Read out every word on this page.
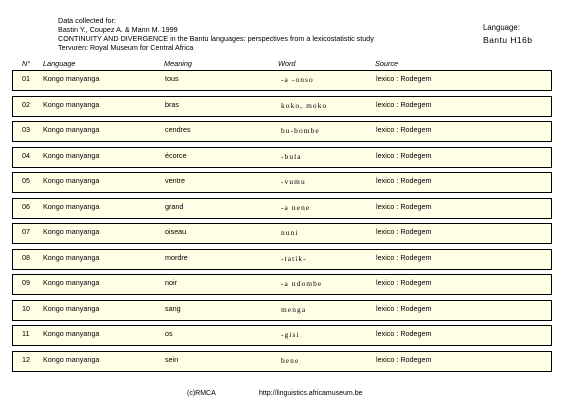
Data collected for:
Bastin Y., Coupez A. & Mann M. 1999
CONTINUITY AND DIVERGENCE in the Bantu languages: perspectives from a lexicostatistic study
Tervuren: Royal Museum for Central Africa
Language:
Bantu H16b
N° Language	Meaning	Word	Source
01 Kongo manyanga	tous	-a -onso	lexico : Rodegem
02 Kongo manyanga	bras	koko, moko	lexico : Rodegem
03 Kongo manyanga	cendres	bu-bombe	lexico : Rodegem
04 Kongo manyanga	écorce	-bula	lexico : Rodegem
05 Kongo manyanga	ventre	-vumu	lexico : Rodegem
06 Kongo manyanga	grand	-a nene	lexico : Rodegem
07 Kongo manyanga	oiseau	nuni	lexico : Rodegem
08 Kongo manyanga	mordre	-tatik-	lexico : Rodegem
09 Kongo manyanga	noir	-a ndombe	lexico : Rodegem
10 Kongo manyanga	sang	menga	lexico : Rodegem
11 Kongo manyanga	os	-gisi	lexico : Rodegem
12 Kongo manyanga	sein	bene	lexico : Rodegem
(c)RMCA	http://linguistics.africamuseum.be
